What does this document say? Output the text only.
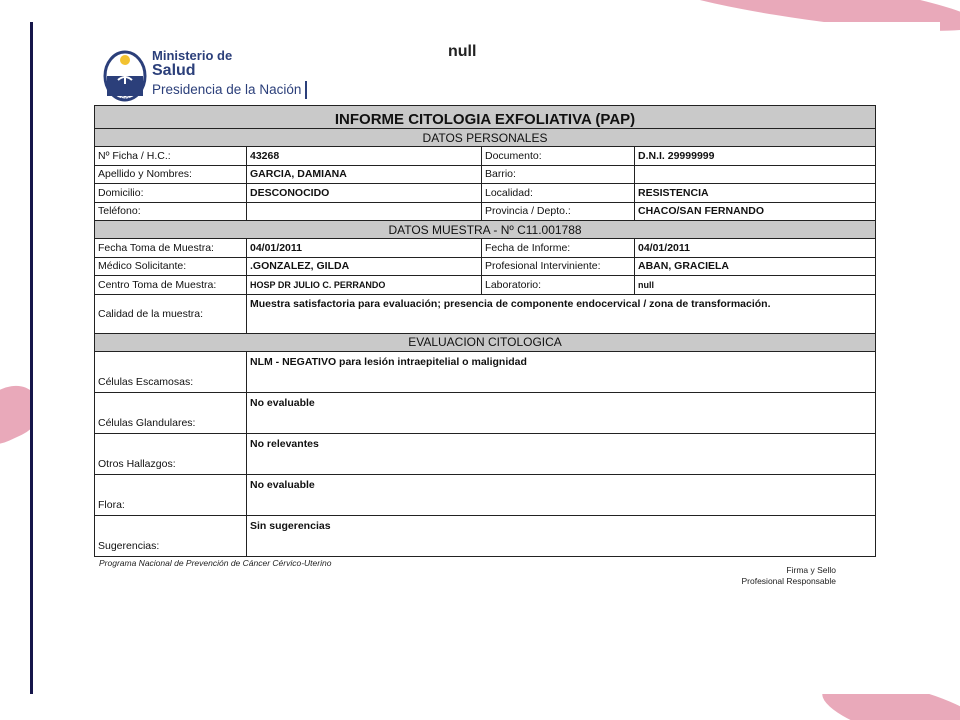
SC
Ministerio de
Salud
Presidencia de la Nación
null
INFORME CITOLOGIA EXFOLIATIVA (PAP)			
DATOS PERSONALES			
Nº Ficha / H.C.:	43268	Documento:	D.N.I. 29999999
Apellido y Nombres:	GARCIA, DAMIANA	Barrio:	
Domicilio:	DESCONOCIDO	Localidad:	RESISTENCIA
Teléfono:		Provincia / Depto.:	CHACO/SAN FERNANDO
DATOS MUESTRA - Nº C11.001788			
Fecha Toma de Muestra:	04/01/2011	Fecha de Informe:	04/01/2011
Médico Solicitante:	.GONZALEZ, GILDA	Profesional Interviniente:	ABAN, GRACIELA
Centro Toma de Muestra:	HOSP DR JULIO C. PERRANDO	Laboratorio:	null
Calidad de la muestra:	Muestra satisfactoria para evaluación; presencia de componente endocervical / zona de transformación.		
EVALUACION CITOLOGICA			
Células Escamosas:	NLM - NEGATIVO para lesión intraepitelial o malignidad		
Células Glandulares:	No evaluable		
Otros Hallazgos:	No relevantes		
Flora:	No evaluable		
Sugerencias:	Sin sugerencias		
Programa Nacional de Prevención de Cáncer Cérvico-Uterino
Firma y Sello
Profesional Responsable
